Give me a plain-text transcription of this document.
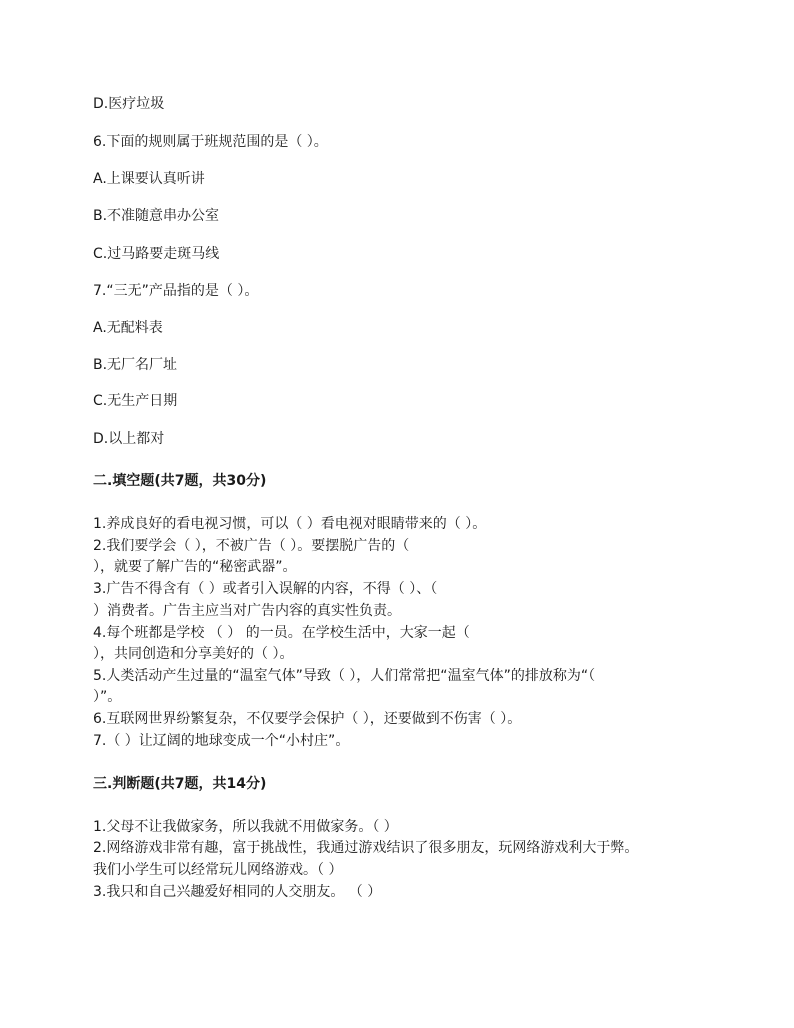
D.医疗垃圾
6.下面的规则属于班规范围的是（ ）。
A.上课要认真听讲
B.不准随意串办公室
C.过马路要走斑马线
7.“三无”产品指的是（ ）。
A.无配料表
B.无厂名厂址
C.无生产日期
D.以上都对
二.填空题(共7题，共30分)
1.养成良好的看电视习惯，可以（ ）看电视对眼睛带来的（ ）。
2.我们要学会（ ），不被广告（ ）。要摆脱广告的（
），就要了解广告的“秘密武器”。
3.广告不得含有（ ）或者引入误解的内容，不得（ ）、（
）消费者。广告主应当对广告内容的真实性负责。
4.每个班都是学校 （ ） 的一员。在学校生活中，大家一起（
），共同创造和分享美好的（ ）。
5.人类活动产生过量的“温室气体”导致（ ），人们常常把“温室气体”的排放称为“（
）”。
6.互联网世界纷繁复杂，不仅要学会保护（ ），还要做到不伤害（ ）。
7.（ ）让辽阔的地球变成一个“小村庄”。
三.判断题(共7题，共14分)
1.父母不让我做家务，所以我就不用做家务。（ ）
2.网络游戏非常有趣，富于挑战性，我通过游戏结识了很多朋友，玩网络游戏利大于弊。
我们小学生可以经常玩儿网络游戏。（ ）
3.我只和自己兴趣爱好相同的人交朋友。 （ ）
